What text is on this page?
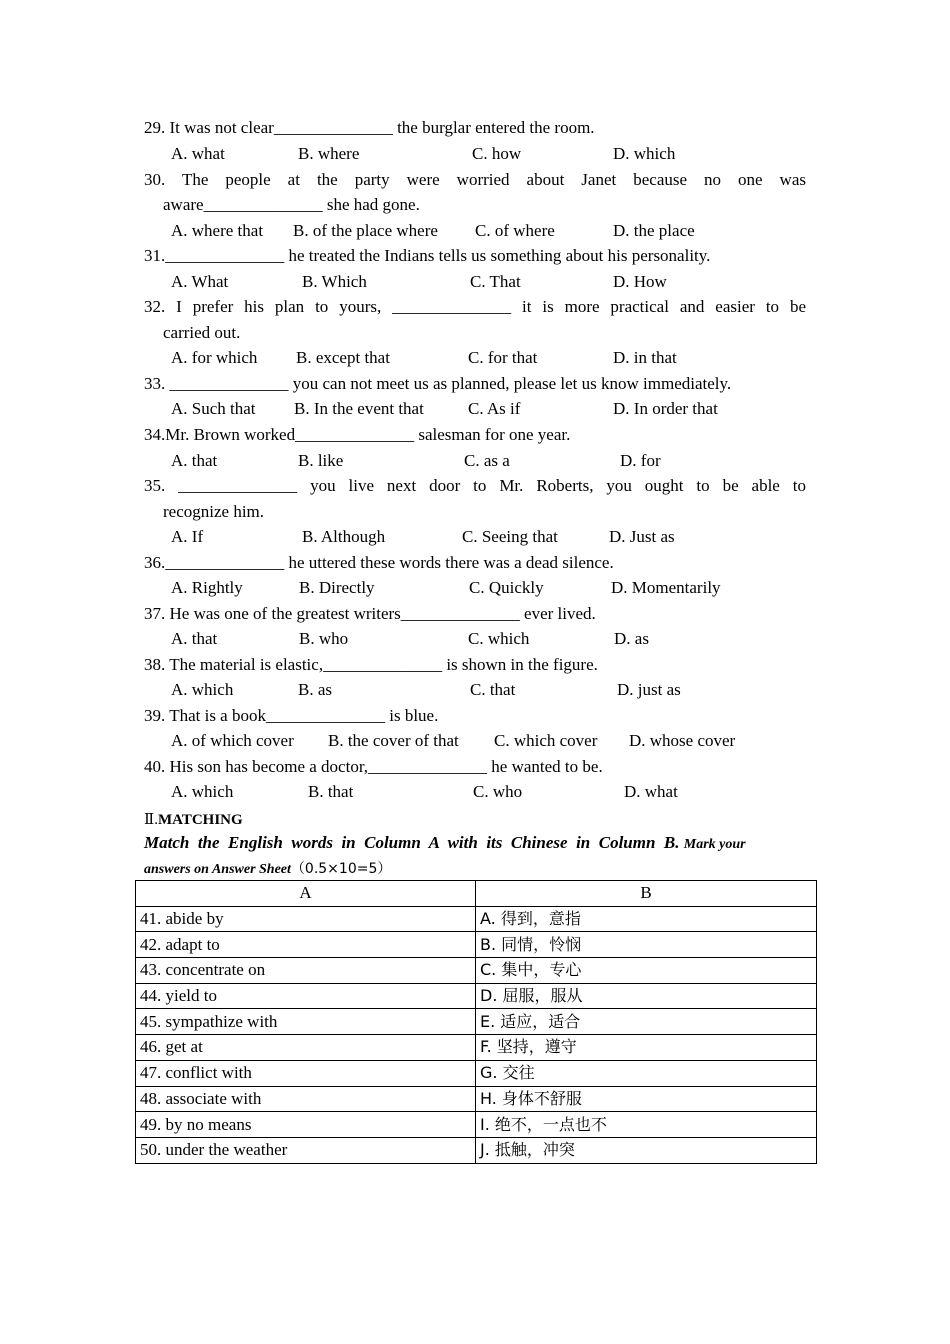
29. It was not clear______________ the burglar entered the room.
A. what	B. where	C. how	D. which
30.  The  people  at  the  party  were  worried  about  Janet  because  no  one  was
aware______________ she had gone.
A. where that B. of the place where C. of where	D. the place
31.______________ he treated the Indians tells us something about his personality.
A. What	B. Which	C. That	D. How
32. I prefer his plan to yours, ______________ it is more practical and easier to be
carried out.
A. for which B. except that	C. for that	D. in that
33. ______________ you can not meet us as planned, please let us know immediately.
A. Such that B. In the event that	C. As if	D. In order that
34.Mr. Brown worked______________ salesman for one year.
A. that	B. like	C. as a	D. for
35.  ______________  you  live  next  door  to  Mr.  Roberts,  you  ought  to  be  able  to
recognize him.
A. If	B. Although	C. Seeing that	D. Just as
36.______________ he uttered these words there was a dead silence.
A. Rightly	B. Directly	C. Quickly	D. Momentarily
37. He was one of the greatest writers______________ ever lived.
A. that	B. who	C. which	D. as
38. The material is elastic,______________ is shown in the figure.
A. which	B. as	C. that	D. just as
39. That is a book______________ is blue.
A. of which cover B. the cover of that C. which cover D. whose cover
40. His son has become a doctor,______________ he wanted to be.
A. which	B. that	C. who	D. what
Ⅱ.MATCHING
Match  the  English  words  in  Column  A  with  its  Chinese  in  Column  B. Mark your
answers on Answer Sheet（0.5×10=5）
A	B
41. abide by	A. 得到，意指
42. adapt to	B. 同情，怜悯
43. concentrate on	C. 集中，专心
44. yield to	D. 屈服，服从
45. sympathize with	E. 适应，适合
46. get at	F. 坚持，遵守
47. conflict with	G. 交往
48. associate with	H. 身体不舒服
49. by no means	I. 绝不，一点也不
50. under the weather	J. 抵触，冲突
